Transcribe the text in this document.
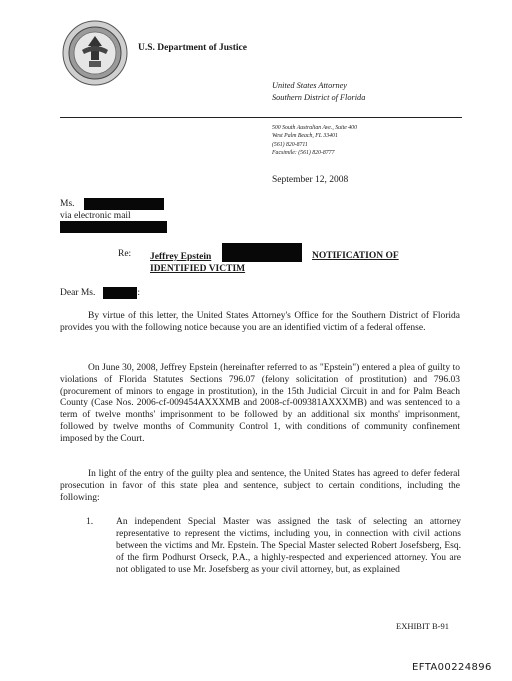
U.S. Department of Justice
United States Attorney
Southern District of Florida
500 South Australian Ave., Suite 400
West Palm Beach, FL 33401
(561) 820-8711
Facsimile: (561) 820-8777
September 12, 2008
Ms.
via electronic mail
Re: Jeffrey Epstein
IDENTIFIED VICTIM
NOTIFICATION OF
Dear Ms.	:

By virtue of this letter, the United States Attorney's Office for the Southern District of Florida provides you with the following notice because you are an identified victim of a federal offense.

On June 30, 2008, Jeffrey Epstein (hereinafter referred to as "Epstein") entered a plea of guilty to violations of Florida Statutes Sections 796.07 (felony solicitation of prostitution) and 796.03 (procurement of minors to engage in prostitution), in the 15th Judicial Circuit in and for Palm Beach County (Case Nos. 2006-cf-009454AXXXMB and 2008-cf-009381AXXXMB) and was sentenced to a term of twelve months' imprisonment to be followed by an additional six months' imprisonment, followed by twelve months of Community Control 1, with conditions of community confinement imposed by the Court.

In light of the entry of the guilty plea and sentence, the United States has agreed to defer federal prosecution in favor of this state plea and sentence, subject to certain conditions, including the following:

1. An independent Special Master was assigned the task of selecting an attorney representative to represent the victims, including you, in connection with civil actions between the victims and Mr. Epstein. The Special Master selected Robert Josefsberg, Esq. of the firm Podhurst Orseck, P.A., a highly-respected and experienced attorney. You are not obligated to use Mr. Josefsberg as your civil attorney, but, as explained

EXHIBIT B-91
EFTA00224896
